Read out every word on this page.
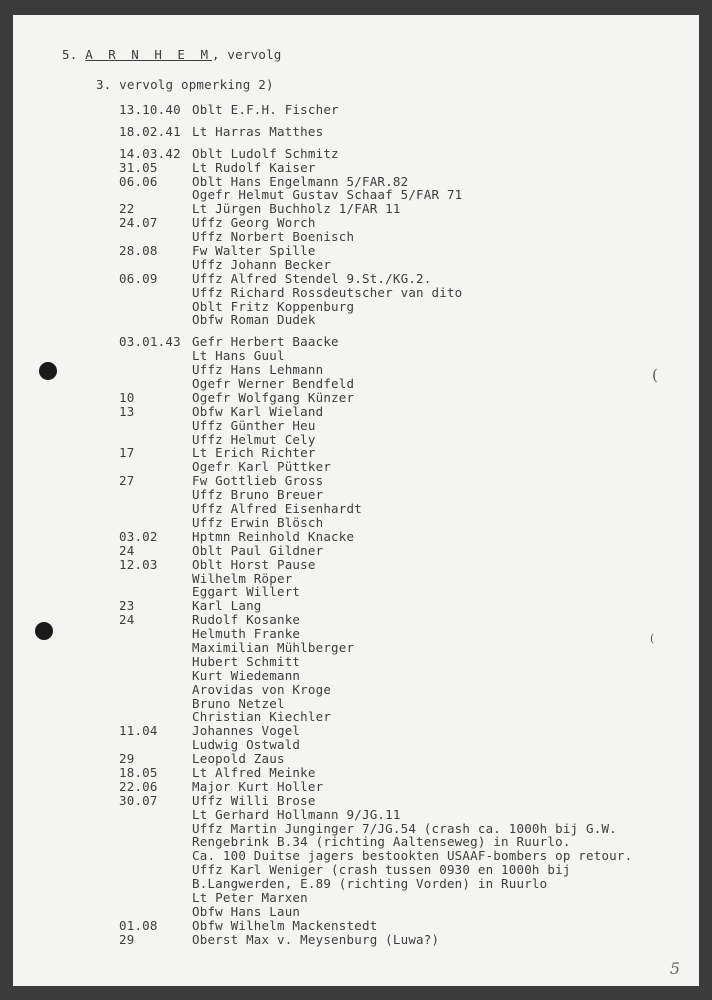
5. A R N H E M, vervolg
3. vervolg opmerking 2)
13.10.40 Oblt E.F.H. Fischer
18.02.41 Lt Harras Matthes
14.03.42 Oblt Ludolf Schmitz
31.05	Lt Rudolf Kaiser
06.06	Oblt Hans Engelmann 5/FAR.82
Ogefr Helmut Gustav Schaaf 5/FAR 71
22	Lt Jürgen Buchholz 1/FAR 11
24.07	Uffz Georg Worch
Uffz Norbert Boenisch
28.08	Fw Walter Spille
Uffz Johann Becker
06.09	Uffz Alfred Stendel 9.St./KG.2.
Uffz Richard Rossdeutscher van dito
Oblt Fritz Koppenburg
Obfw Roman Dudek
03.01.43 Gefr Herbert Baacke
Lt Hans Guul
Uffz Hans Lehmann
Ogefr Werner Bendfeld
10	Ogefr Wolfgang Künzer
13	Obfw Karl Wieland
Uffz Günther Heu
Uffz Helmut Cely
17	Lt Erich Richter
Ogefr Karl Püttker
27	Fw Gottlieb Gross
Uffz Bruno Breuer
Uffz Alfred Eisenhardt
Uffz Erwin Blösch
03.02	Hptmn Reinhold Knacke
24	Oblt Paul Gildner
12.03	Oblt Horst Pause
Wilhelm Röper
Eggart Willert
23	Karl Lang
24	Rudolf Kosanke
Helmuth Franke
Maximilian Mühlberger
Hubert Schmitt
Kurt Wiedemann
Arovidas von Kroge
Bruno Netzel
Christian Kiechler
11.04	Johannes Vogel
Ludwig Ostwald
29	Leopold Zaus
18.05	Lt Alfred Meinke
22.06	Major Kurt Holler
30.07	Uffz Willi Brose
Lt Gerhard Hollmann 9/JG.11
Uffz Martin Junginger 7/JG.54 (crash ca. 1000h bij G.W.
Rengebrink B.34 (richting Aaltenseweg) in Ruurlo.
Ca. 100 Duitse jagers bestookten USAAF-bombers op retour.
Uffz Karl Weniger (crash tussen 0930 en 1000h bij
B.Langwerden, E.89 (richting Vorden) in Ruurlo
Lt Peter Marxen
Obfw Hans Laun
01.08	Obfw Wilhelm Mackenstedt
29	Oberst Max v. Meysenburg (Luwa?)
(
(
5
